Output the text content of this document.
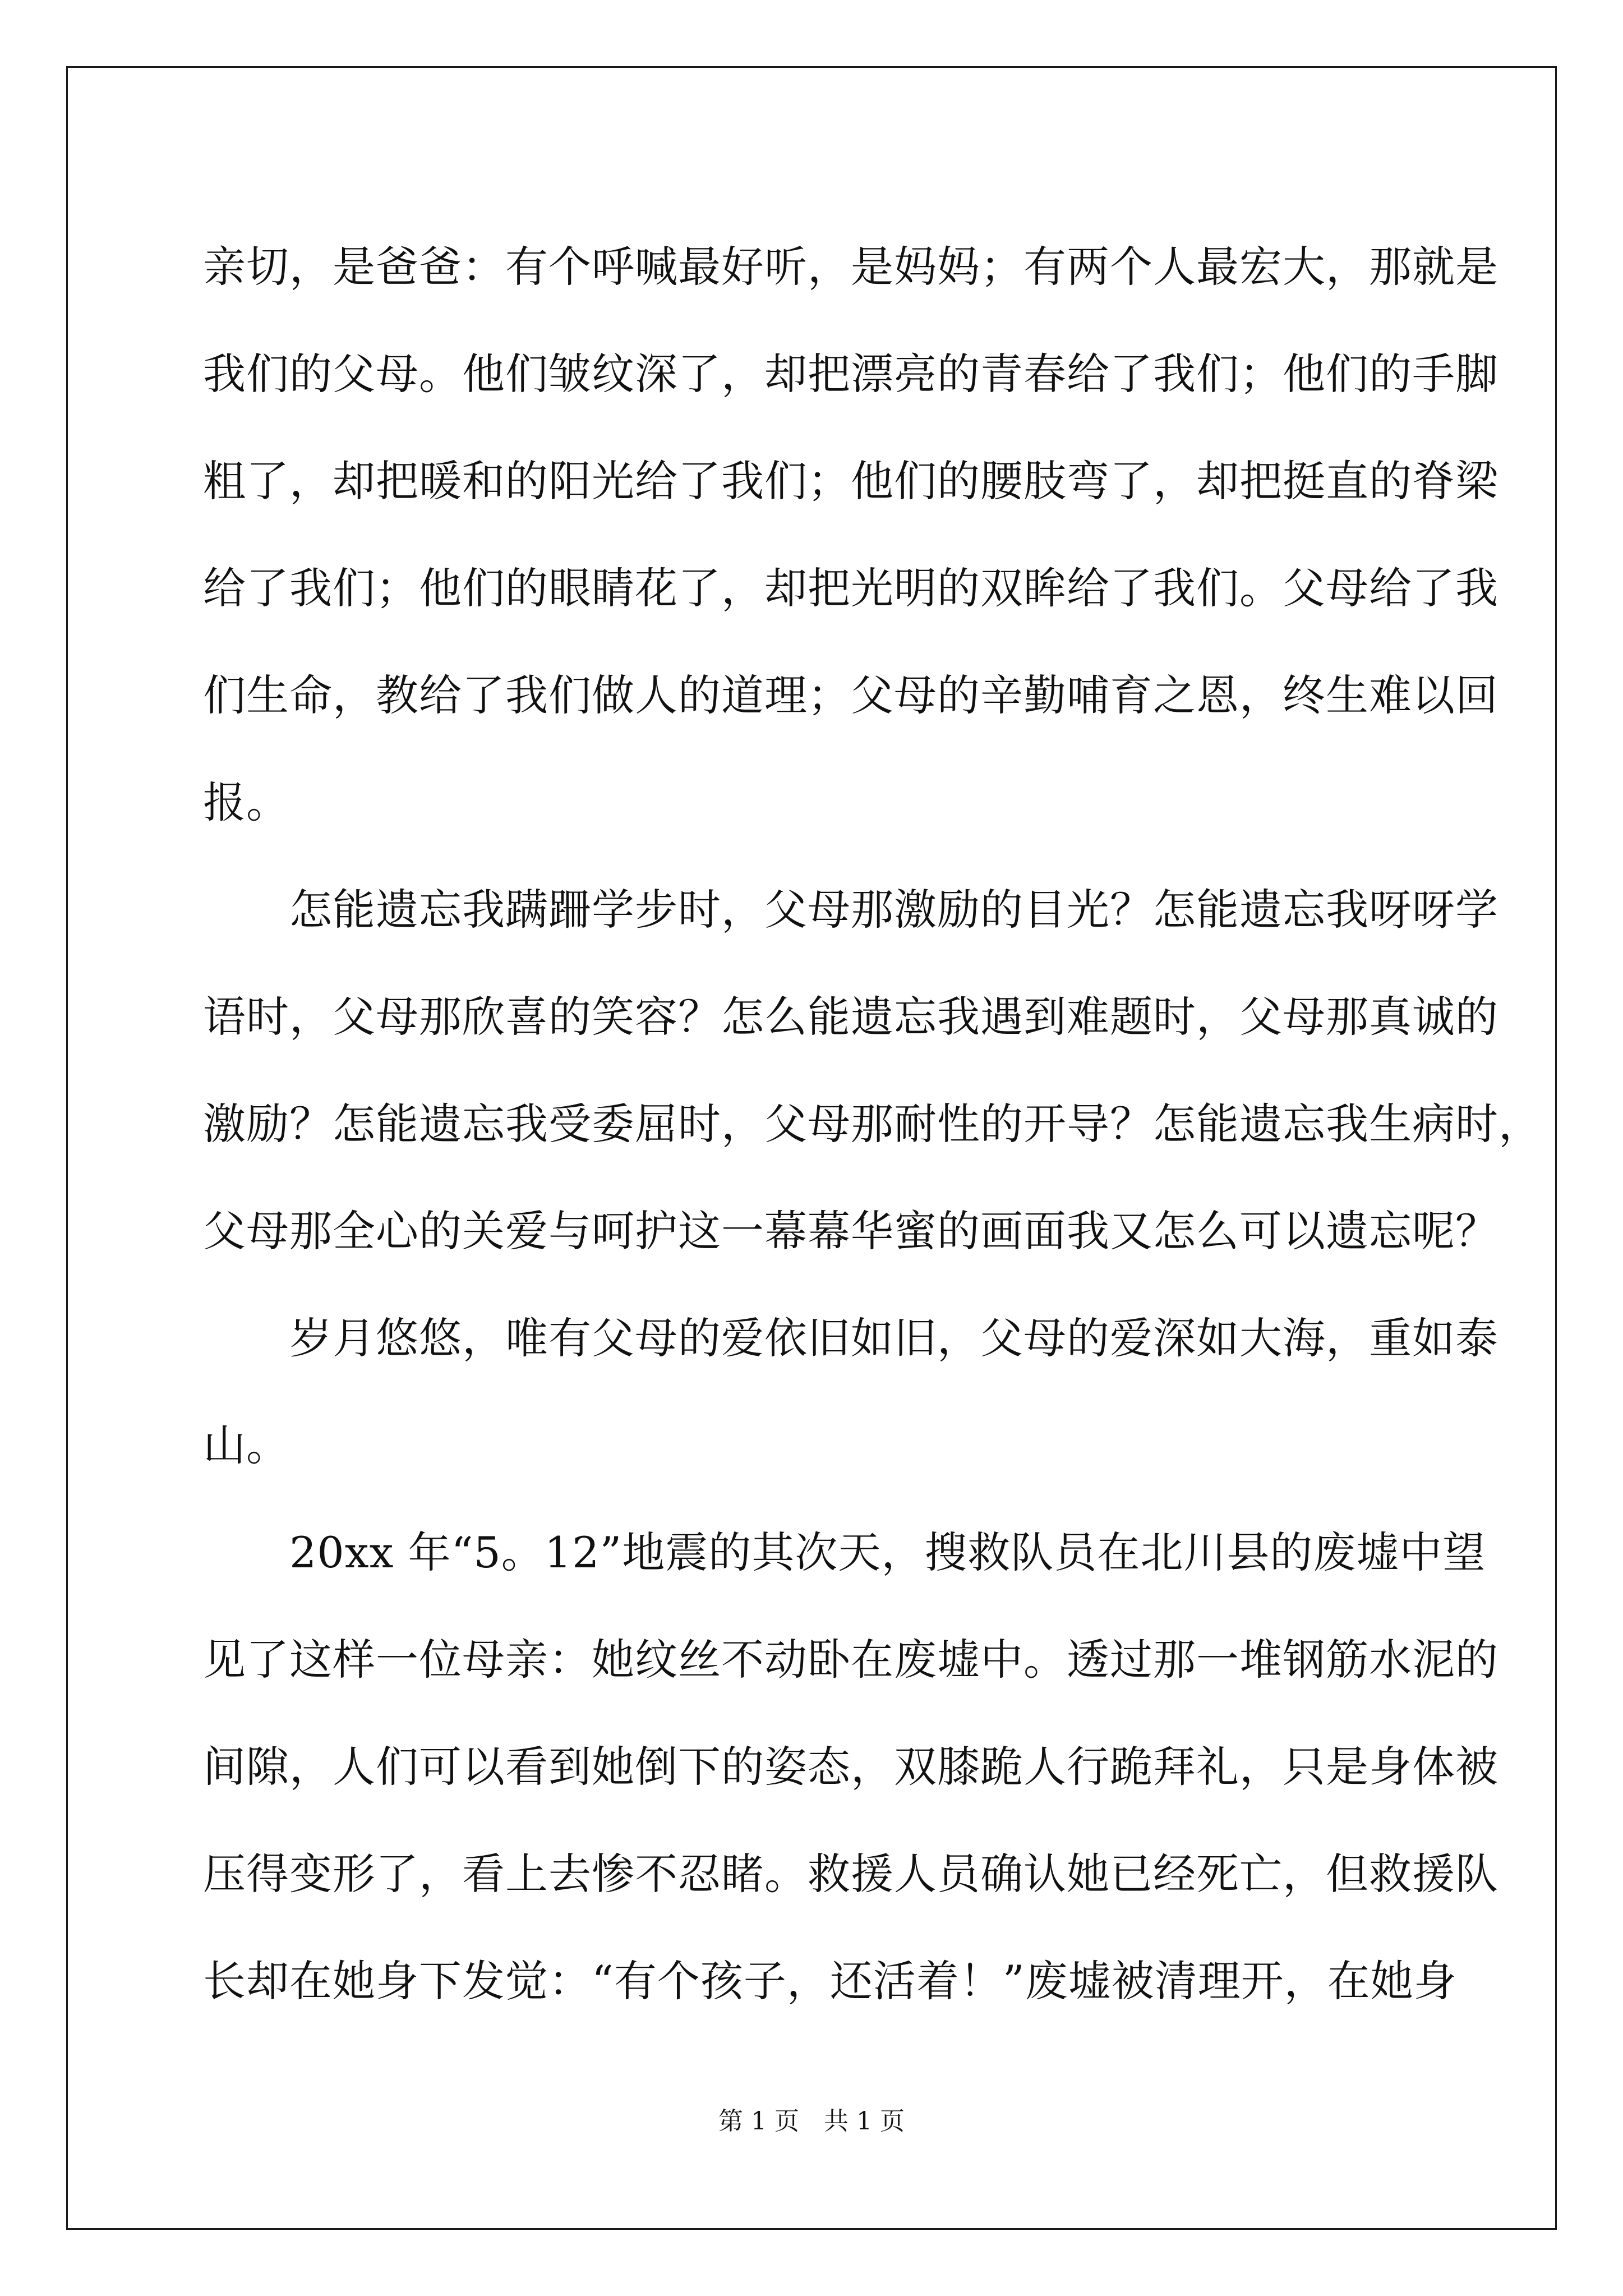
亲切，是爸爸：有个呼喊最好听，是妈妈；有两个人最宏大，那就是
我们的父母。他们皱纹深了，却把漂亮的青春给了我们；他们的手脚
粗了，却把暖和的阳光给了我们；他们的腰肢弯了，却把挺直的脊梁
给了我们；他们的眼睛花了，却把光明的双眸给了我们。父母给了我
们生命，教给了我们做人的道理；父母的辛勤哺育之恩，终生难以回
报。
　　怎能遗忘我蹒跚学步时，父母那激励的目光？怎能遗忘我呀呀学
语时，父母那欣喜的笑容？怎么能遗忘我遇到难题时，父母那真诚的
激励？怎能遗忘我受委屈时，父母那耐性的开导？怎能遗忘我生病时，
父母那全心的关爱与呵护这一幕幕华蜜的画面我又怎么可以遗忘呢？
　　岁月悠悠，唯有父母的爱依旧如旧，父母的爱深如大海，重如泰
山。
　　20xx 年“5。12”地震的其次天，搜救队员在北川县的废墟中望
见了这样一位母亲：她纹丝不动卧在废墟中。透过那一堆钢筋水泥的
间隙，人们可以看到她倒下的姿态，双膝跪人行跪拜礼，只是身体被
压得变形了，看上去惨不忍睹。救援人员确认她已经死亡，但救援队
长却在她身下发觉：“有个孩子，还活着！”废墟被清理开，在她身
第 1 页　共 1 页
